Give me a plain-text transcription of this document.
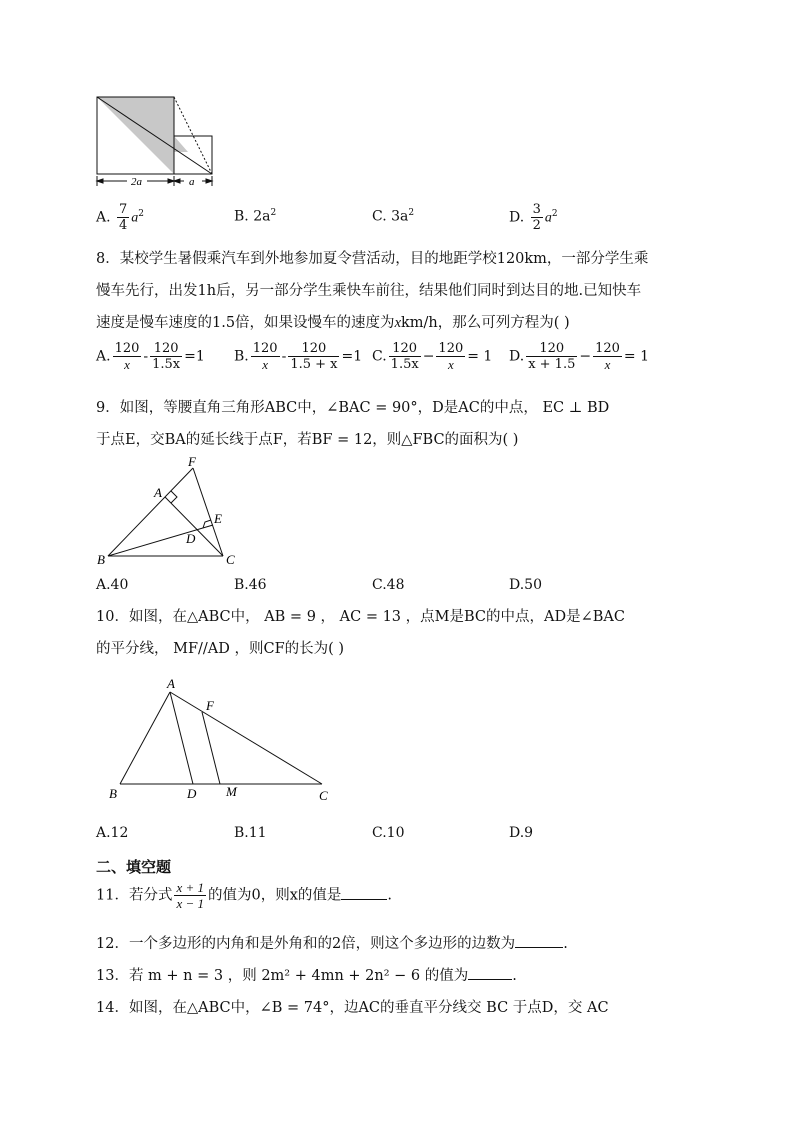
2a	a
A. $\frac{7}{4} a^2$	B. $2a^2$	C. $3a^2$	D. $\frac{3}{2} a^2$
8．某校学生暑假乘汽车到外地参加夏令营活动，目的地距学校120km，一部分学生乘
慢车先行，出发1h后，另一部分学生乘快车前往，结果他们同时到达目的地.已知快车
速度是慢车速度的1.5倍，如果设慢车的速度为xkm/h，那么可列方程为( )
A. $\frac{120}{x} - \frac{120}{1.5x} =1$ B. $\frac{120}{x} - \frac{120}{1.5 + x} =1$ C. $\frac{120}{1.5x} - \frac{120}{x} = 1$ D. $\frac{120}{x + 1.5} - \frac{120}{x} = 1$
9．如图，等腰直角三角形ABC中，∠BAC = 90°，D是AC的中点， EC ⊥ BD
于点E，交BA的延长线于点F，若BF = 12，则△FBC的面积为( )
F
A
E
D
B	C
A.40	B.46	C.48	D.50
10．如图，在△ABC中， AB = 9 ， AC = 13 ，点M是BC的中点，AD是∠BAC
的平分线， MF//AD ，则CF的长为( )
A
F
B	D M	C
A.12	B.11	C.10	D.9
二、填空题
11．若分式 $\frac{x + 1}{x - 1}$ 的值为0，则x的值是	.
12．一个多边形的内角和是外角和的2倍，则这个多边形的边数为	.
13．若 m + n = 3 ，则 2m² + 4mn + 2n² − 6 的值为	.
14．如图，在△ABC中，∠B = 74°，边AC的垂直平分线交 BC 于点D，交 AC
